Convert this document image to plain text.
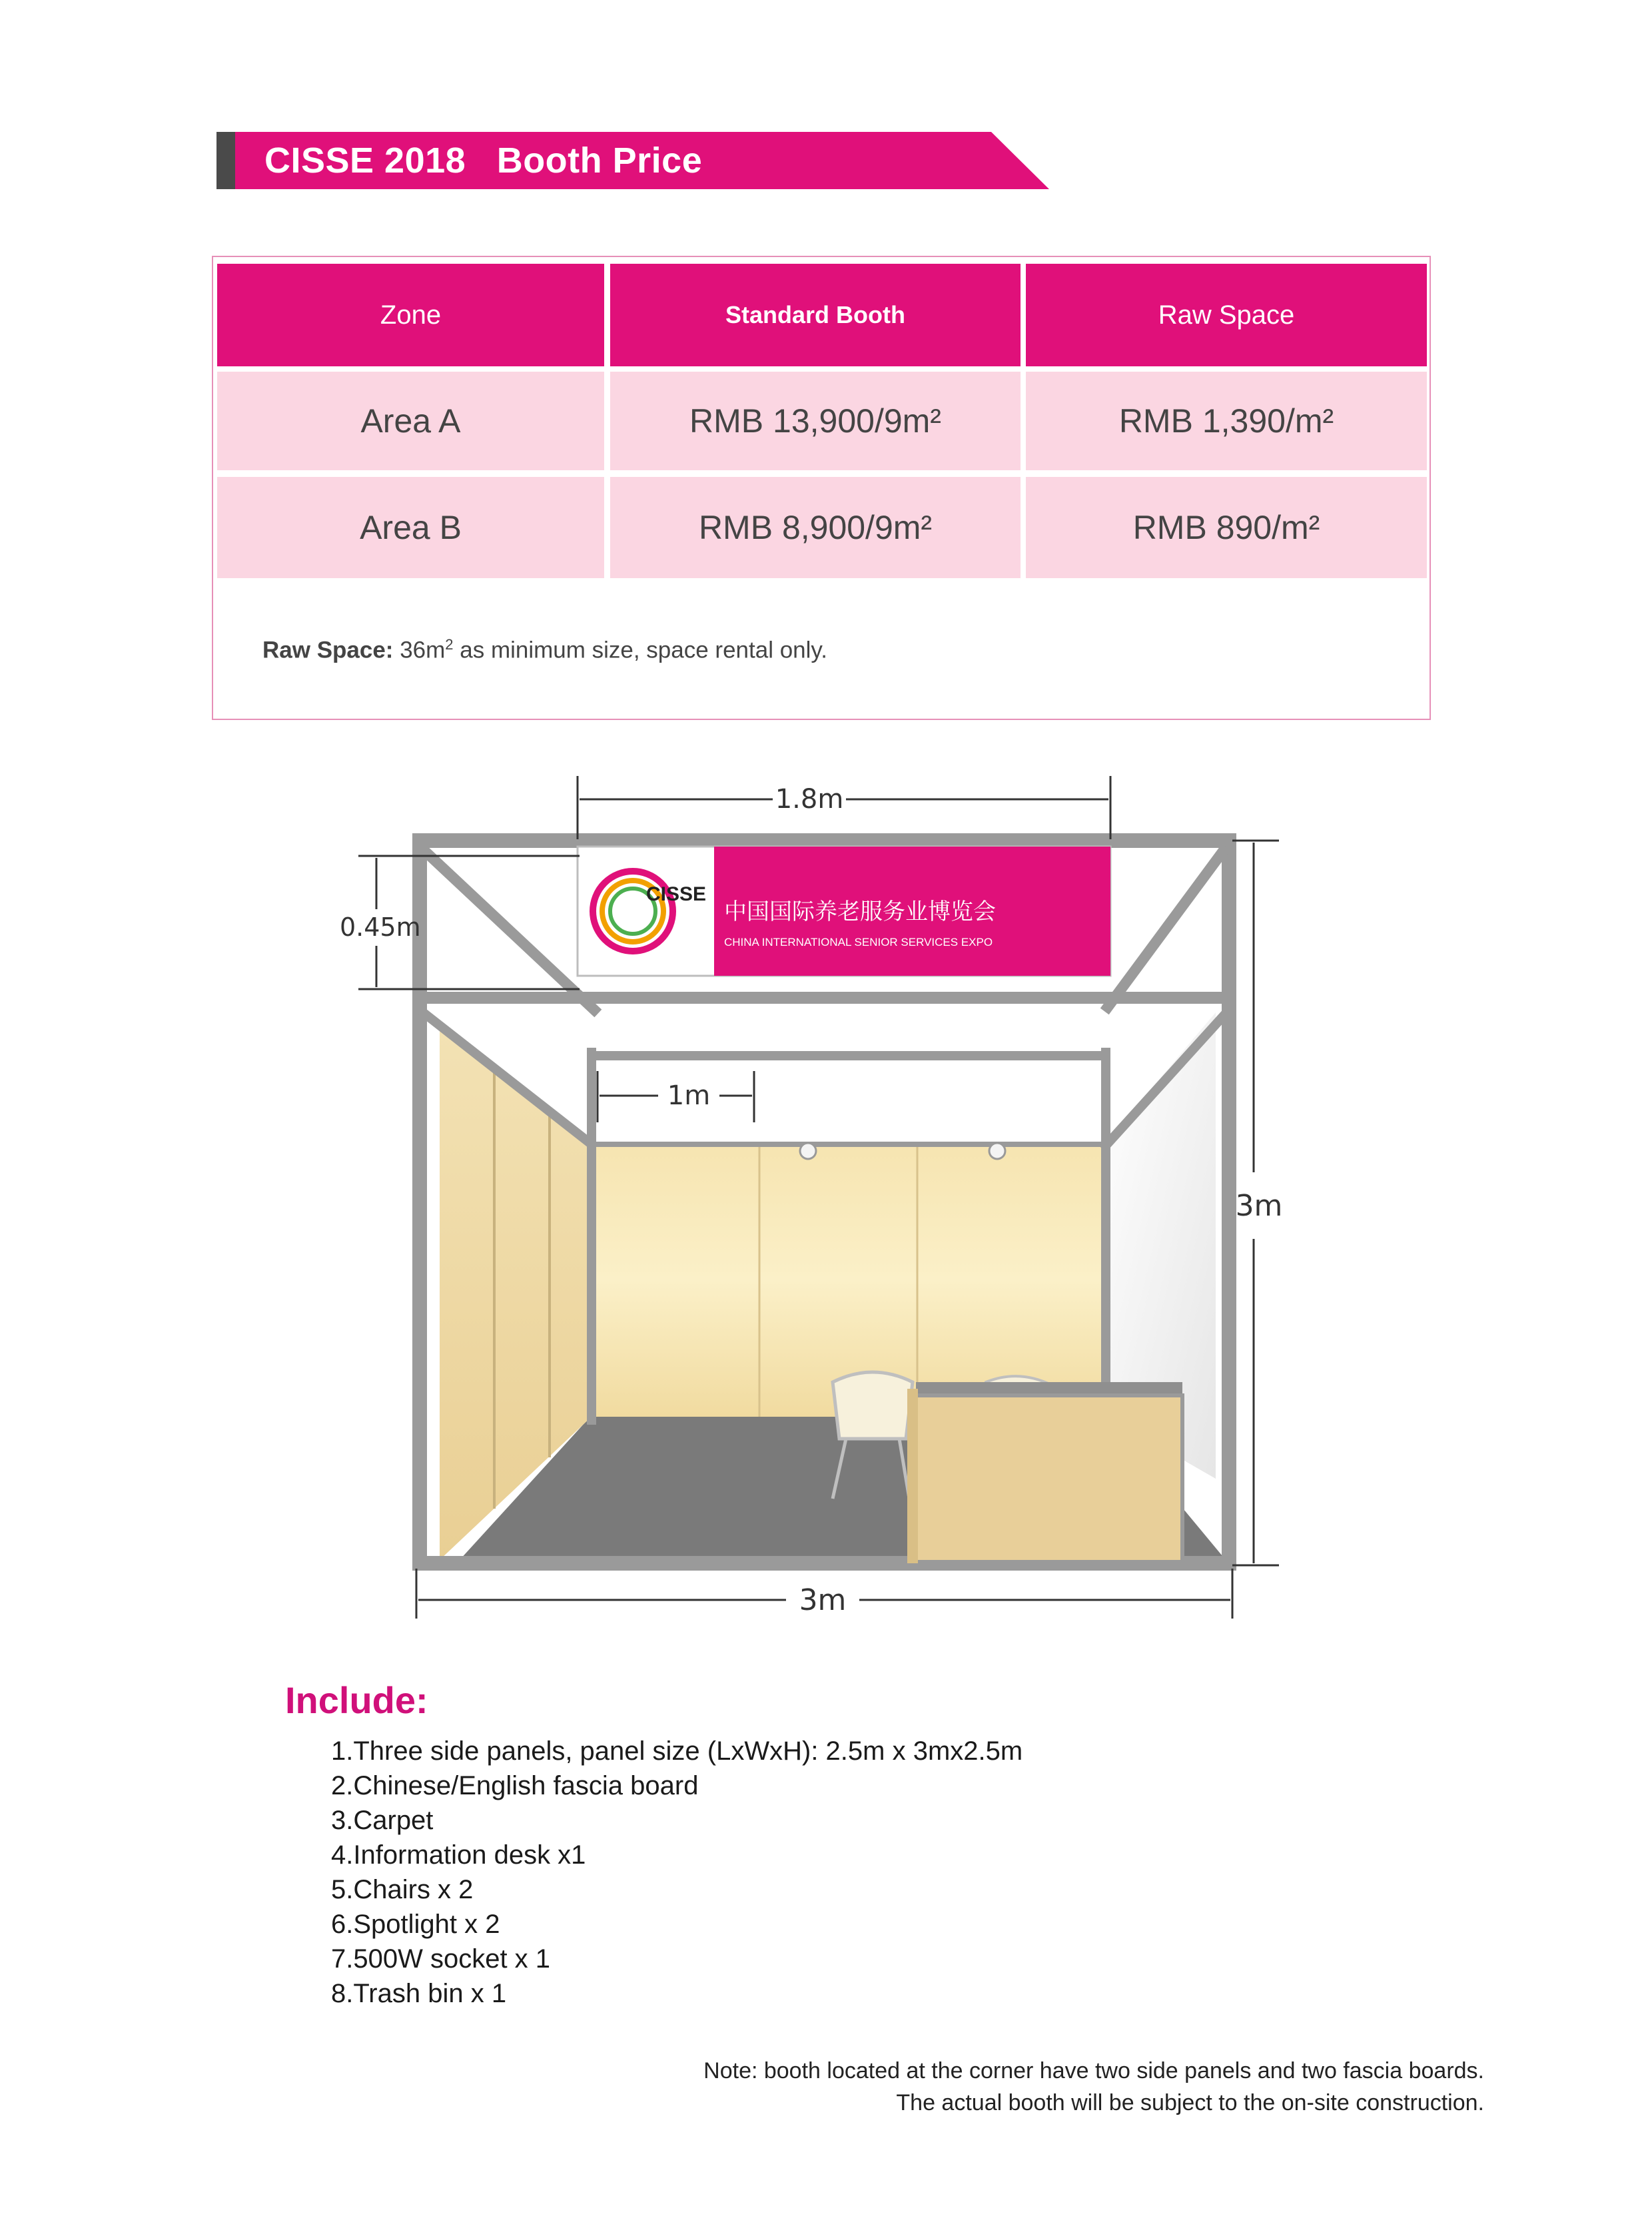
CISSE 2018   Booth Price
Zone	Standard Booth	Raw Space
Area A	RMB 13,900/9m²	RMB 1,390/m²
Area B	RMB 8,900/9m²	RMB 890/m²
Raw Space: $36m^2$ as minimum size, space rental only.
CISSE
中国国际养老服务业博览会
CHINA INTERNATIONAL SENIOR SERVICES EXPO
1.8m
0.45m
1m
3m
3m
Include:
1.Three side panels, panel size (LxWxH): 2.5m x 3mx2.5m
2.Chinese/English fascia board
3.Carpet
4.Information desk x1
5.Chairs x 2
6.Spotlight x 2
7.500W socket x 1
8.Trash bin x 1
Note: booth located at the corner have two side panels and two fascia boards.
The actual booth will be subject to the on-site construction.
